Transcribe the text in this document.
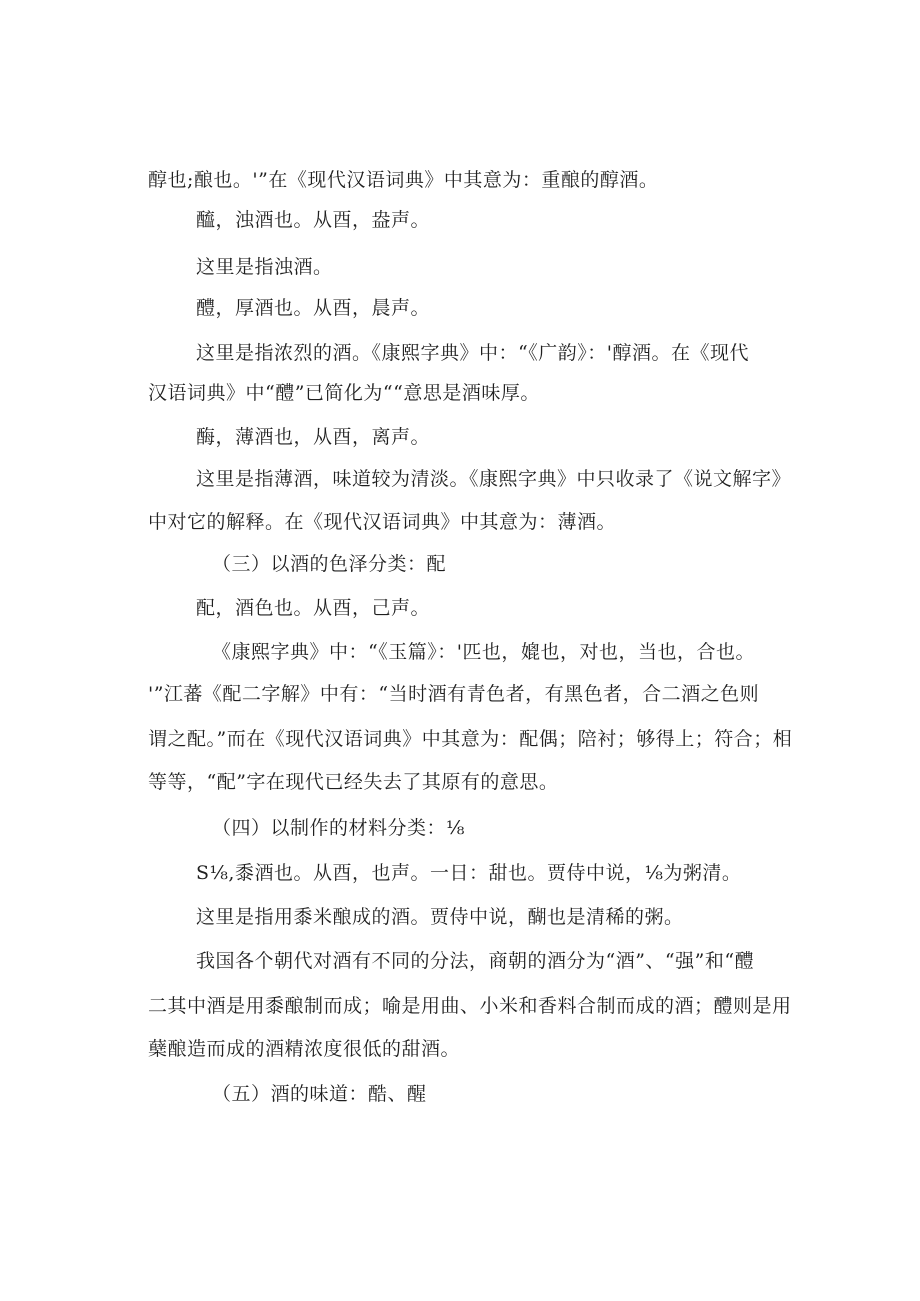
醇也;酿也。'”在《现代汉语词典》中其意为：重酿的醇酒。
醯，浊酒也。从酉，盎声。
这里是指浊酒。
醴，厚酒也。从酉，晨声。
这里是指浓烈的酒。《康熙字典》中：“《广韵》：'醇酒。在《现代
汉语词典》中“醴”已简化为““意思是酒味厚。
酶，薄酒也，从酉，离声。
这里是指薄酒，味道较为清淡。《康熙字典》中只收录了《说文解字》
中对它的解释。在《现代汉语词典》中其意为：薄酒。
（三）以酒的色泽分类：配
配，酒色也。从酉，己声。
《康熙字典》中：“《玉篇》：'匹也，媲也，对也，当也，合也。
'”江蕃《配二字解》中有：“当时酒有青色者，有黑色者，合二酒之色则
谓之配。”而在《现代汉语词典》中其意为：配偶；陪衬；够得上；符合；相
等等，“配”字在现代已经失去了其原有的意思。
（四）以制作的材料分类：⅛
S⅛,黍酒也。从酉，也声。一日：甜也。贾侍中说，⅛为粥清。
这里是指用黍米酿成的酒。贾侍中说，醐也是清稀的粥。
我国各个朝代对酒有不同的分法，商朝的酒分为“酒”、“强”和“醴
二其中酒是用黍酿制而成；喻是用曲、小米和香料合制而成的酒；醴则是用
蘖酿造而成的酒精浓度很低的甜酒。
（五）酒的味道：酷、醒
